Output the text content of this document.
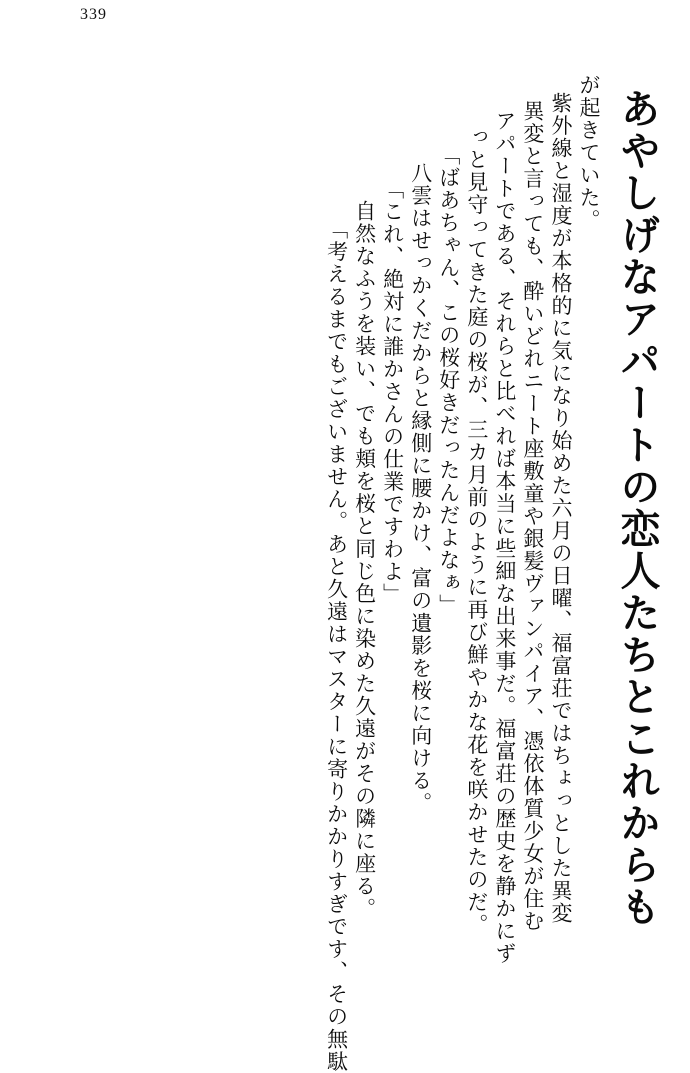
339
あやしげなアパートの恋人たちとこれからも
が起きていた。
紫外線と湿度が本格的に気になり始めた六月の日曜、福富荘ではちょっとした異変
異変と言っても、酔いどれニート座敷童や銀髪ヴァンパイア、憑依体質少女が住む
アパートである、それらと比べれば本当に些細な出来事だ。福富荘の歴史を静かにず
っと見守ってきた庭の桜が、三カ月前のように再び鮮やかな花を咲かせたのだ。
「ばあちゃん、この桜好きだったんだよなぁ」
八雲はせっかくだからと縁側に腰かけ、富の遺影を桜に向ける。
「これ、絶対に誰かさんの仕業ですわよ」
自然なふうを装い、でも頬を桜と同じ色に染めた久遠がその隣に座る。
「考えるまでもございません。あと久遠はマスターに寄りかかりすぎです、その無駄
